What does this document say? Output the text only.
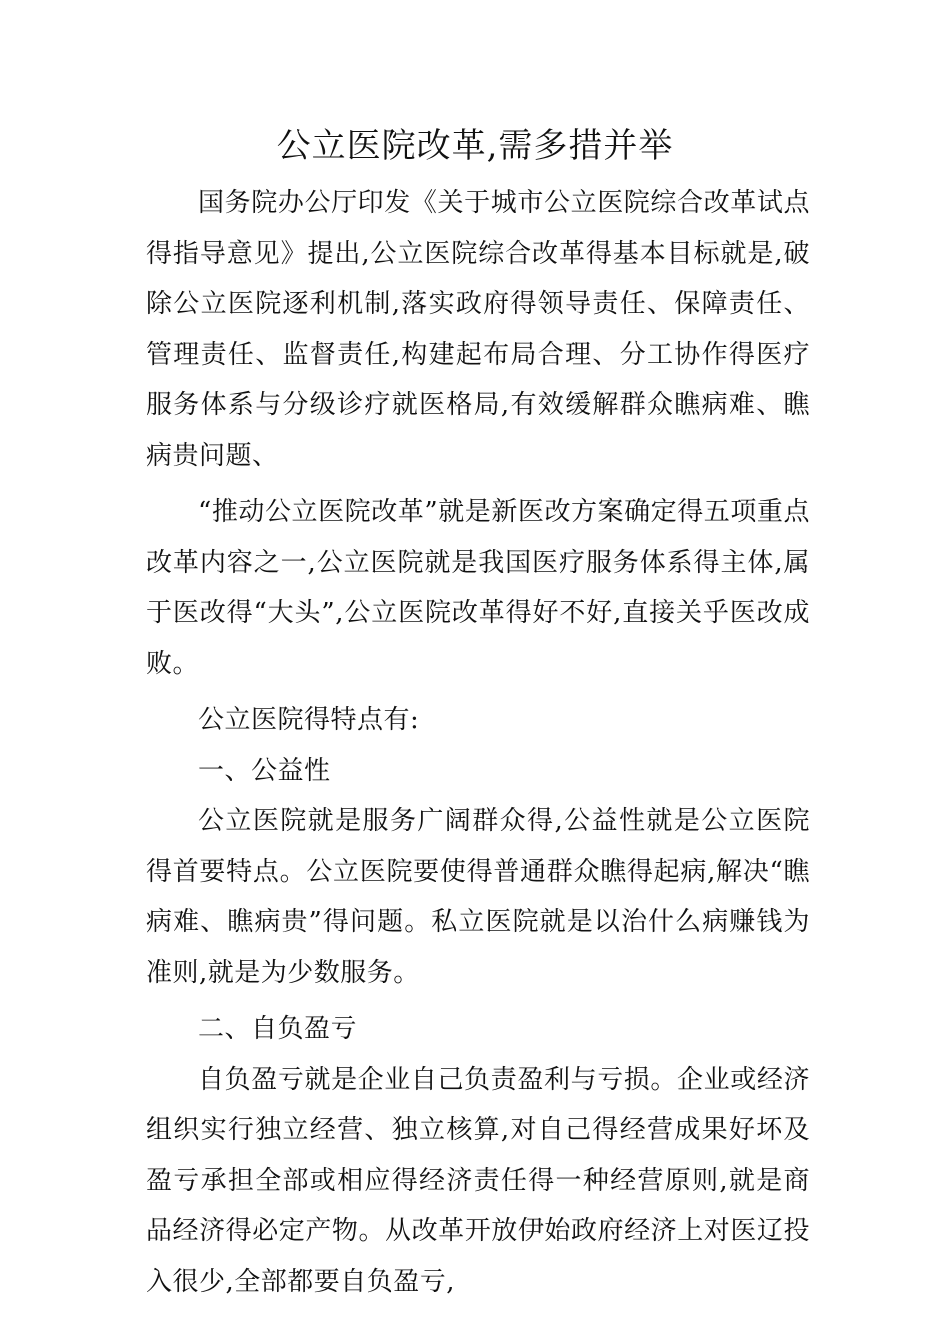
公立医院改革,需多措并举

国务院办公厅印发《关于城市公立医院综合改革试点得指导意见》提出,公立医院综合改革得基本目标就是,破除公立医院逐利机制,落实政府得领导责任、保障责任、管理责任、监督责任,构建起布局合理、分工协作得医疗服务体系与分级诊疗就医格局,有效缓解群众瞧病难、瞧病贵问题、

“推动公立医院改革”就是新医改方案确定得五项重点改革内容之一,公立医院就是我国医疗服务体系得主体,属于医改得“大头”,公立医院改革得好不好,直接关乎医改成败。

公立医院得特点有:

一、公益性

公立医院就是服务广阔群众得,公益性就是公立医院得首要特点。公立医院要使得普通群众瞧得起病,解决“瞧病难、瞧病贵”得问题。私立医院就是以治什么病赚钱为准则,就是为少数服务。

二、自负盈亏

自负盈亏就是企业自己负责盈利与亏损。企业或经济组织实行独立经营、独立核算,对自己得经营成果好坏及盈亏承担全部或相应得经济责任得一种经营原则,就是商品经济得必定产物。从改革开放伊始政府经济上对医辽投入很少,全部都要自负盈亏,
